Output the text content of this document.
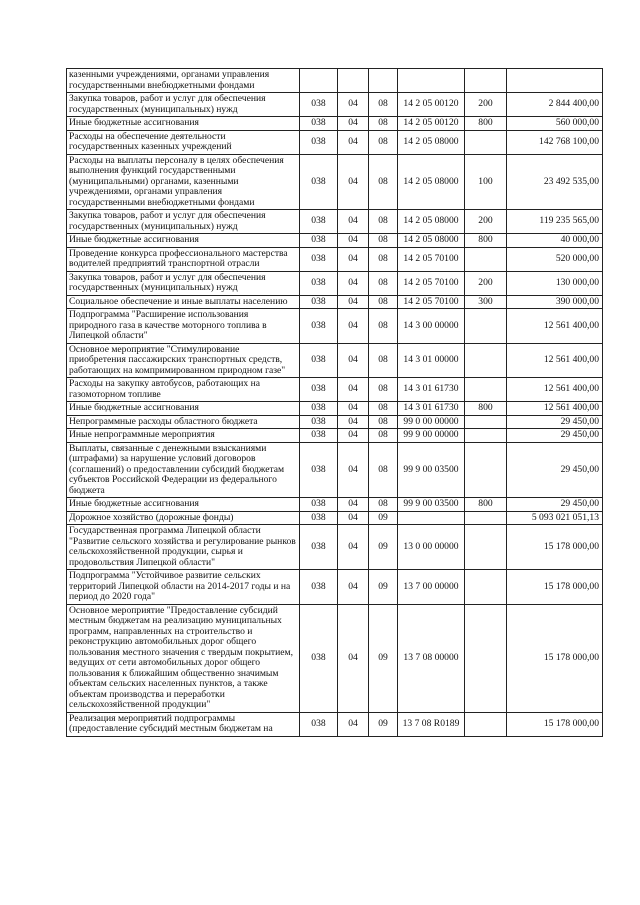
казенными учреждениями, органами управления государственными внебюджетными фондами						
Закупка товаров, работ и услуг для обеспечения государственных (муниципальных) нужд	038	04	08	14 2 05 00120	200	2 844 400,00
Иные бюджетные ассигнования	038	04	08	14 2 05 00120	800	560 000,00
Расходы на обеспечение деятельности государственных казенных учреждений	038	04	08	14 2 05 08000		142 768 100,00
Расходы на выплаты персоналу в целях обеспечения выполнения функций государственными (муниципальными) органами, казенными учреждениями, органами управления государственными внебюджетными фондами	038	04	08	14 2 05 08000	100	23 492 535,00
Закупка товаров, работ и услуг для обеспечения государственных (муниципальных) нужд	038	04	08	14 2 05 08000	200	119 235 565,00
Иные бюджетные ассигнования	038	04	08	14 2 05 08000	800	40 000,00
Проведение конкурса профессионального мастерства водителей предприятий транспортной отрасли	038	04	08	14 2 05 70100		520 000,00
Закупка товаров, работ и услуг для обеспечения государственных (муниципальных) нужд	038	04	08	14 2 05 70100	200	130 000,00
Социальное обеспечение и иные выплаты населению	038	04	08	14 2 05 70100	300	390 000,00
Подпрограмма "Расширение использования природного газа в качестве моторного топлива в Липецкой области"	038	04	08	14 3 00 00000		12 561 400,00
Основное мероприятие "Стимулирование приобретения пассажирских транспортных средств, работающих на компримированном природном газе"	038	04	08	14 3 01 00000		12 561 400,00
Расходы на закупку автобусов, работающих на газомоторном топливе	038	04	08	14 3 01 61730		12 561 400,00
Иные бюджетные ассигнования	038	04	08	14 3 01 61730	800	12 561 400,00
Непрограммные расходы областного бюджета	038	04	08	99 0 00 00000		29 450,00
Иные непрограммные мероприятия	038	04	08	99 9 00 00000		29 450,00
Выплаты, связанные с денежными взысканиями (штрафами) за нарушение условий договоров (соглашений) о предоставлении субсидий бюджетам субъектов Российской Федерации из федерального бюджета	038	04	08	99 9 00 03500		29 450,00
Иные бюджетные ассигнования	038	04	08	99 9 00 03500	800	29 450,00
Дорожное хозяйство (дорожные фонды)	038	04	09			5 093 021 051,13
Государственная программа Липецкой области "Развитие сельского хозяйства и регулирование рынков сельскохозяйственной продукции, сырья и продовольствия Липецкой области"	038	04	09	13 0 00 00000		15 178 000,00
Подпрограмма "Устойчивое развитие сельских территорий Липецкой области на 2014-2017 годы и на период до 2020 года"	038	04	09	13 7 00 00000		15 178 000,00
Основное мероприятие "Предоставление субсидий местным бюджетам на реализацию муниципальных программ, направленных на строительство и реконструкцию автомобильных дорог общего пользования местного значения с твердым покрытием, ведущих от сети автомобильных дорог общего пользования к ближайшим общественно значимым объектам сельских населенных пунктов, а также объектам производства и переработки сельскохозяйственной продукции"	038	04	09	13 7 08 00000		15 178 000,00
Реализация мероприятий подпрограммы (предоставление субсидий местным бюджетам на	038	04	09	13 7 08 R0189		15 178 000,00
